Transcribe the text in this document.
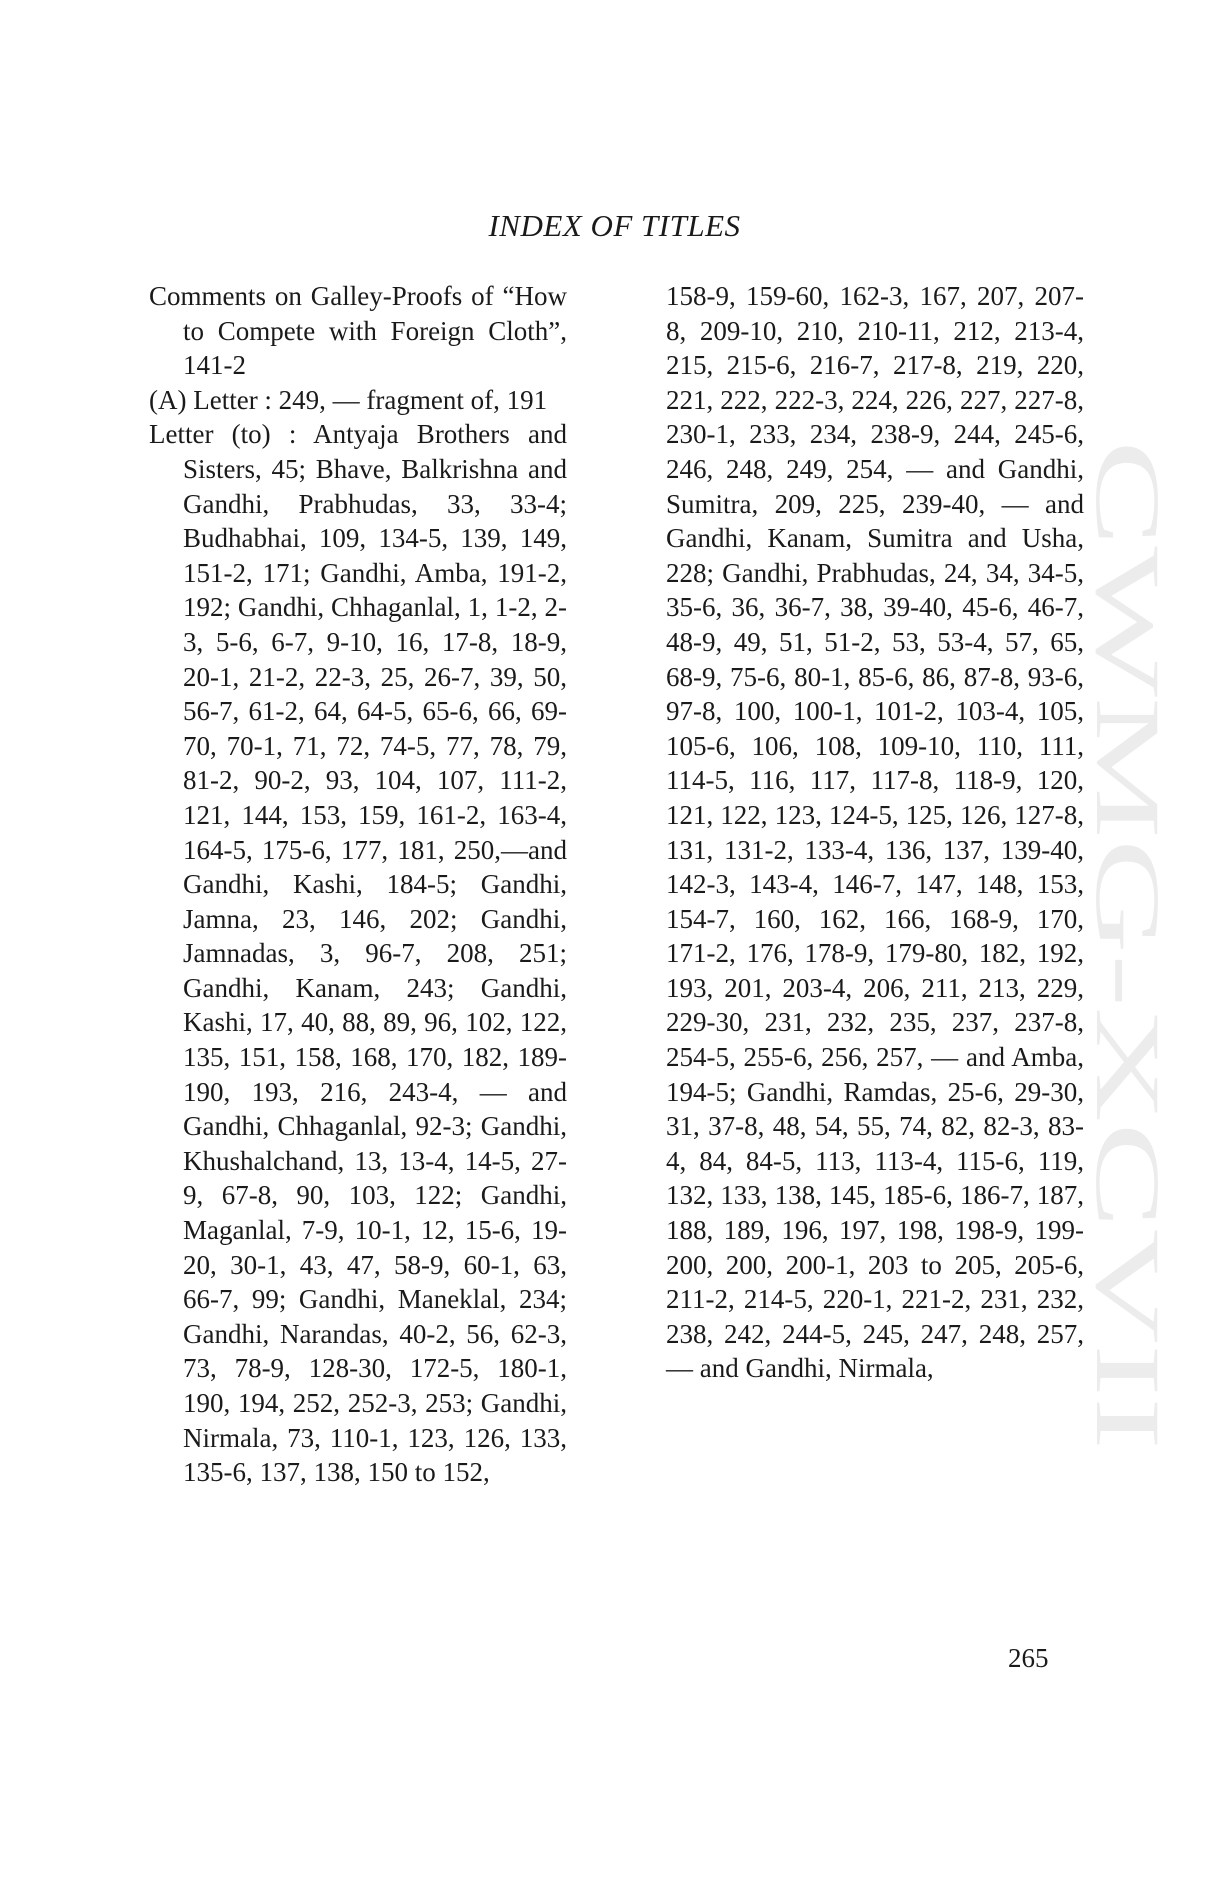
INDEX OF TITLES

Comments on Galley-Proofs of “How to Compete with Foreign Cloth”, 141-2

(A) Letter : 249, — fragment of, 191

Letter (to) : Antyaja Brothers and Sisters, 45; Bhave, Balkrishna and Gandhi, Prabhudas, 33, 33-4; Budhabhai, 109, 134-5, 139, 149, 151-2, 171; Gandhi, Amba, 191-2, 192; Gandhi, Chhaganlal, 1, 1-2, 2-3, 5-6, 6-7, 9-10, 16, 17-8, 18-9, 20-1, 21-2, 22-3, 25, 26-7, 39, 50, 56-7, 61-2, 64, 64-5, 65-6, 66, 69-70, 70-1, 71, 72, 74-5, 77, 78, 79, 81-2, 90-2, 93, 104, 107, 111-2, 121, 144, 153, 159, 161-2, 163-4, 164-5, 175-6, 177, 181, 250,—and Gandhi, Kashi, 184-5; Gandhi, Jamna, 23, 146, 202; Gandhi, Jamnadas, 3, 96-7, 208, 251; Gandhi, Kanam, 243; Gandhi, Kashi, 17, 40, 88, 89, 96, 102, 122, 135, 151, 158, 168, 170, 182, 189-190, 193, 216, 243-4, — and Gandhi, Chhaganlal, 92-3; Gandhi, Khushalchand, 13, 13-4, 14-5, 27-9, 67-8, 90, 103, 122; Gandhi, Maganlal, 7-9, 10-1, 12, 15-6, 19-20, 30-1, 43, 47, 58-9, 60-1, 63, 66-7, 99; Gandhi, Maneklal, 234; Gandhi, Narandas, 40-2, 56, 62-3, 73, 78-9, 128-30, 172-5, 180-1, 190, 194, 252, 252-3, 253; Gandhi, Nirmala, 73, 110-1, 123, 126, 133, 135-6, 137, 138, 150 to 152,

158-9, 159-60, 162-3, 167, 207, 207-8, 209-10, 210, 210-11, 212, 213-4, 215, 215-6, 216-7, 217-8, 219, 220, 221, 222, 222-3, 224, 226, 227, 227-8, 230-1, 233, 234, 238-9, 244, 245-6, 246, 248, 249, 254, — and Gandhi, Sumitra, 209, 225, 239-40, — and Gandhi, Kanam, Sumitra and Usha, 228; Gandhi, Prabhudas, 24, 34, 34-5, 35-6, 36, 36-7, 38, 39-40, 45-6, 46-7, 48-9, 49, 51, 51-2, 53, 53-4, 57, 65, 68-9, 75-6, 80-1, 85-6, 86, 87-8, 93-6, 97-8, 100, 100-1, 101-2, 103-4, 105, 105-6, 106, 108, 109-10, 110, 111, 114-5, 116, 117, 117-8, 118-9, 120, 121, 122, 123, 124-5, 125, 126, 127-8, 131, 131-2, 133-4, 136, 137, 139-40, 142-3, 143-4, 146-7, 147, 148, 153, 154-7, 160, 162, 166, 168-9, 170, 171-2, 176, 178-9, 179-80, 182, 192, 193, 201, 203-4, 206, 211, 213, 229, 229-30, 231, 232, 235, 237, 237-8, 254-5, 255-6, 256, 257, — and Amba, 194-5; Gandhi, Ramdas, 25-6, 29-30, 31, 37-8, 48, 54, 55, 74, 82, 82-3, 83-4, 84, 84-5, 113, 113-4, 115-6, 119, 132, 133, 138, 145, 185-6, 186-7, 187, 188, 189, 196, 197, 198, 198-9, 199-200, 200, 200-1, 203 to 205, 205-6, 211-2, 214-5, 220-1, 221-2, 231, 232, 238, 242, 244-5, 245, 247, 248, 257, — and Gandhi, Nirmala,

CWMG-XCVII
265
